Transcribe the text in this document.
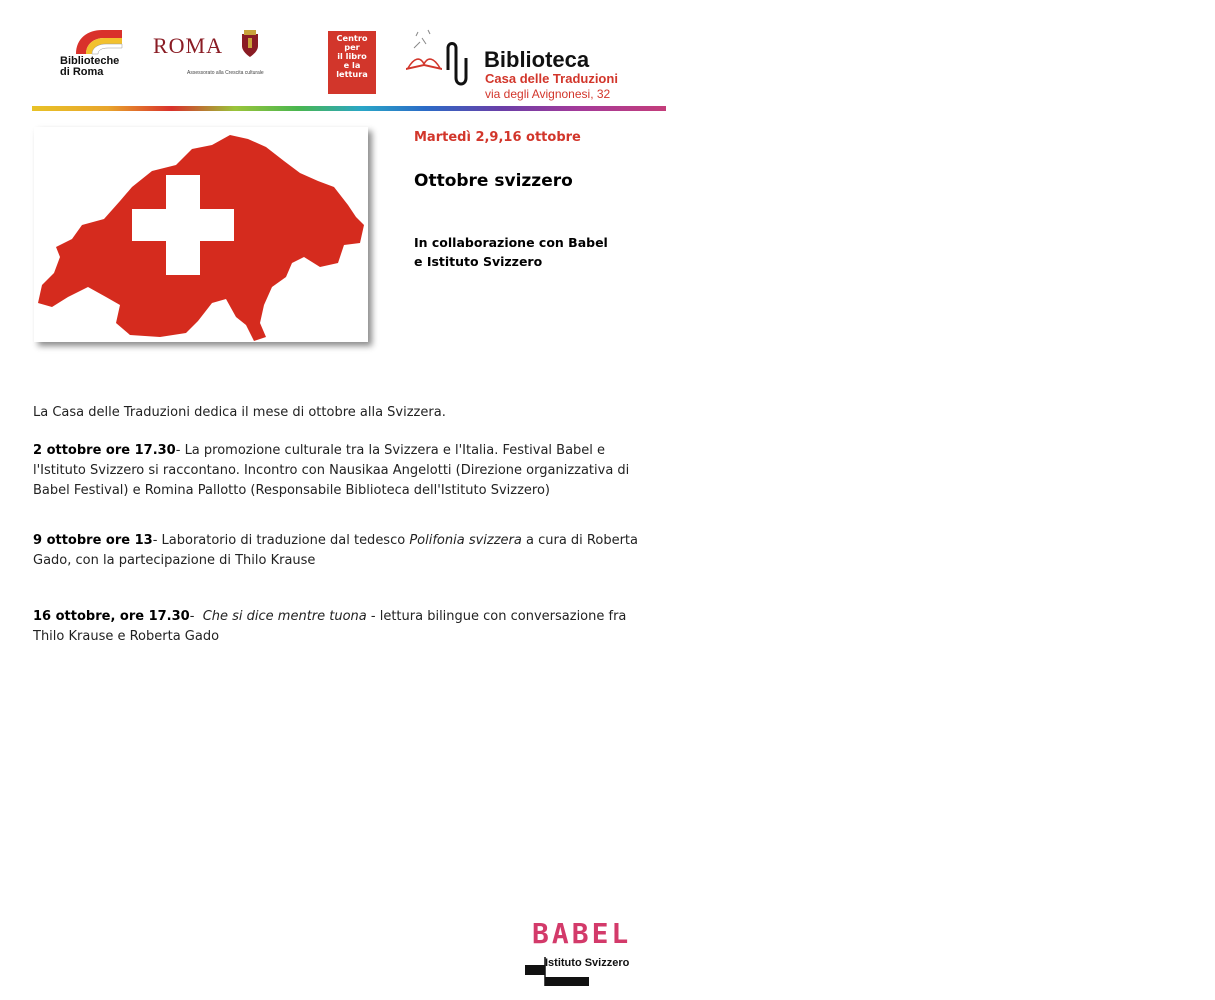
Biblioteche
di Roma
ROMA
Assessorato alla Crescita culturale
Centro
per
il libro
e la
lettura
Biblioteca
Casa delle Traduzioni
via degli Avignonesi, 32
Martedì 2,9,16 ottobre
Ottobre svizzero
In collaborazione con Babel
e Istituto Svizzero
La Casa delle Traduzioni dedica il mese di ottobre alla Svizzera.
2 ottobre ore 17.30- La promozione culturale tra la Svizzera e l'Italia. Festival Babel e l'Istituto Svizzero si raccontano. Incontro con Nausikaa Angelotti (Direzione organizzativa di Babel Festival) e Romina Pallotto (Responsabile Biblioteca dell'Istituto Svizzero)
9 ottobre ore 13- Laboratorio di traduzione dal tedesco Polifonia svizzera a cura di Roberta Gado, con la partecipazione di Thilo Krause
16 ottobre, ore 17.30-  Che si dice mentre tuona - lettura bilingue con conversazione fra Thilo Krause e Roberta Gado
BABEL
Istituto Svizzero
